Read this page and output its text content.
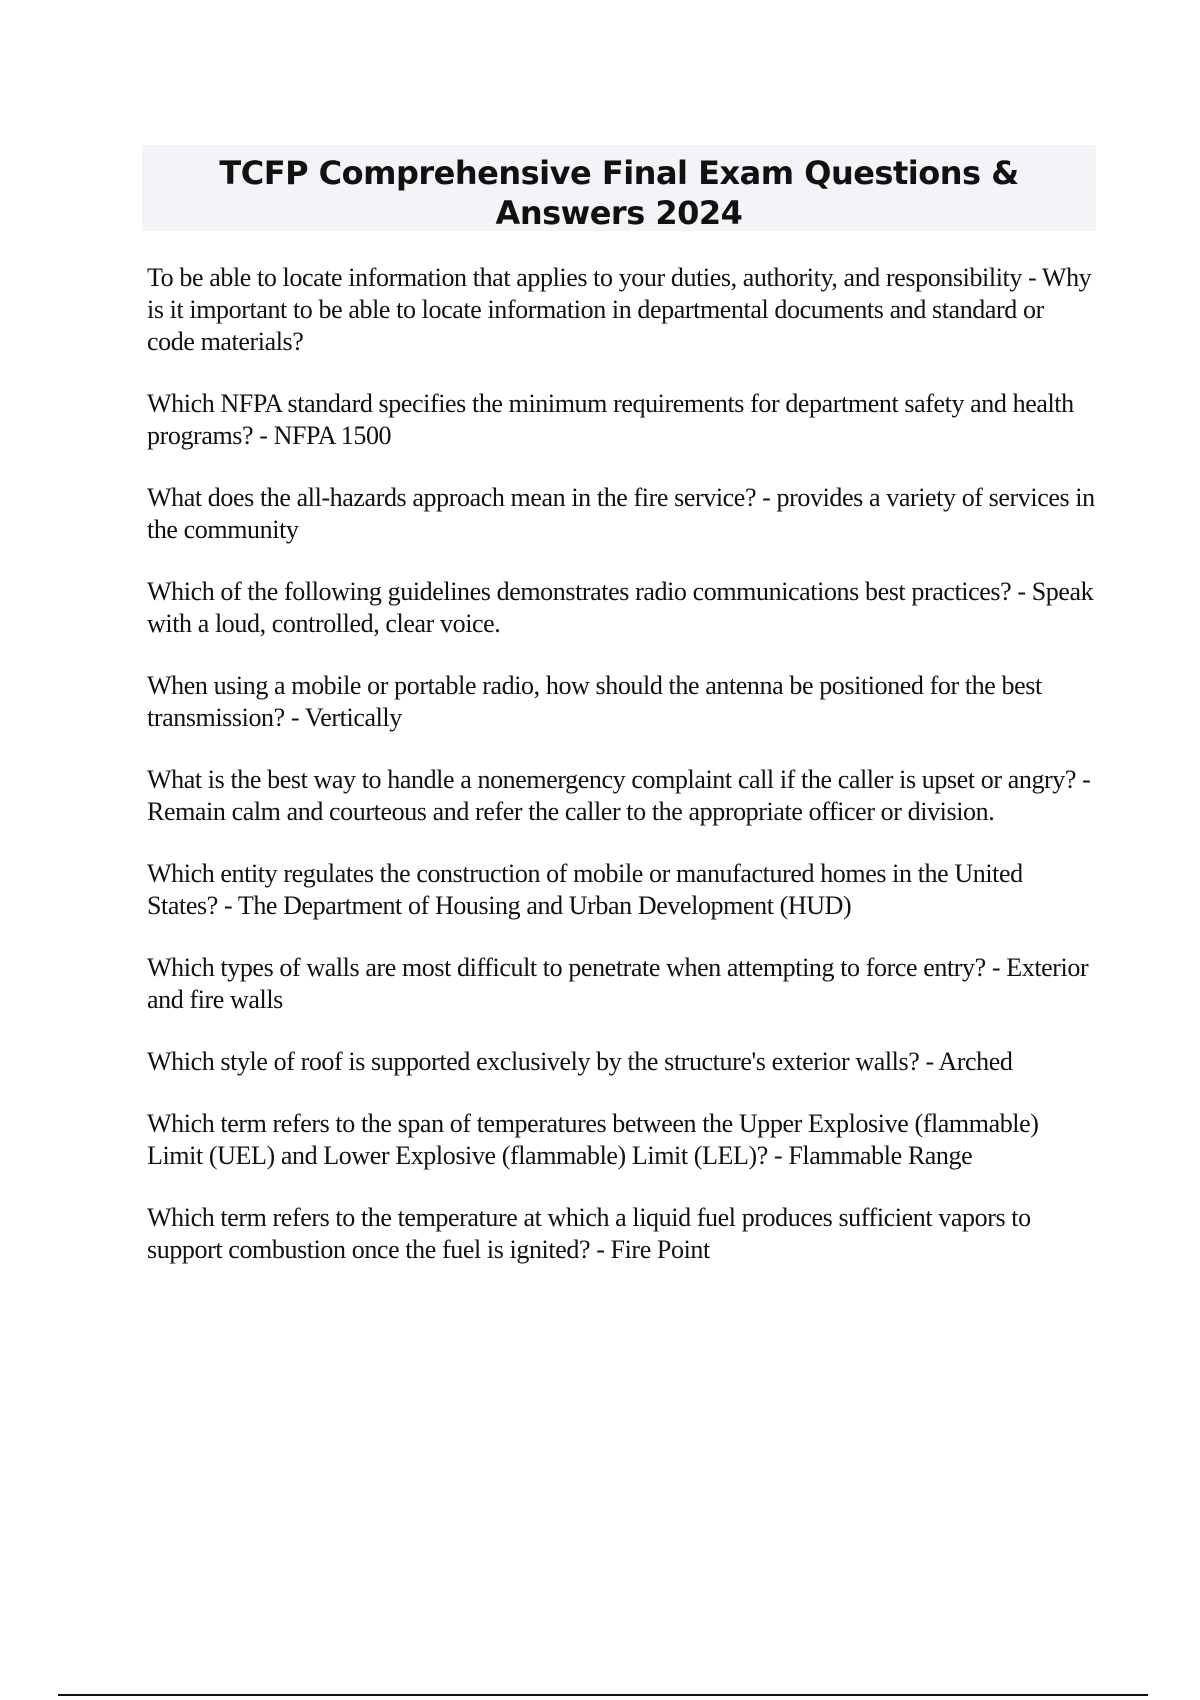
TCFP Comprehensive Final Exam Questions & Answers 2024
To be able to locate information that applies to your duties, authority, and responsibility - Why is it important to be able to locate information in departmental documents and standard or code materials?
Which NFPA standard specifies the minimum requirements for department safety and health programs? - NFPA 1500
What does the all-hazards approach mean in the fire service? - provides a variety of services in the community
Which of the following guidelines demonstrates radio communications best practices? - Speak with a loud, controlled, clear voice.
When using a mobile or portable radio, how should the antenna be positioned for the best transmission? - Vertically
What is the best way to handle a nonemergency complaint call if the caller is upset or angry? - Remain calm and courteous and refer the caller to the appropriate officer or division.
Which entity regulates the construction of mobile or manufactured homes in the United States? - The Department of Housing and Urban Development (HUD)
Which types of walls are most difficult to penetrate when attempting to force entry? - Exterior and fire walls
Which style of roof is supported exclusively by the structure's exterior walls? - Arched
Which term refers to the span of temperatures between the Upper Explosive (flammable) Limit (UEL) and Lower Explosive (flammable) Limit (LEL)? - Flammable Range
Which term refers to the temperature at which a liquid fuel produces sufficient vapors to support combustion once the fuel is ignited? - Fire Point
